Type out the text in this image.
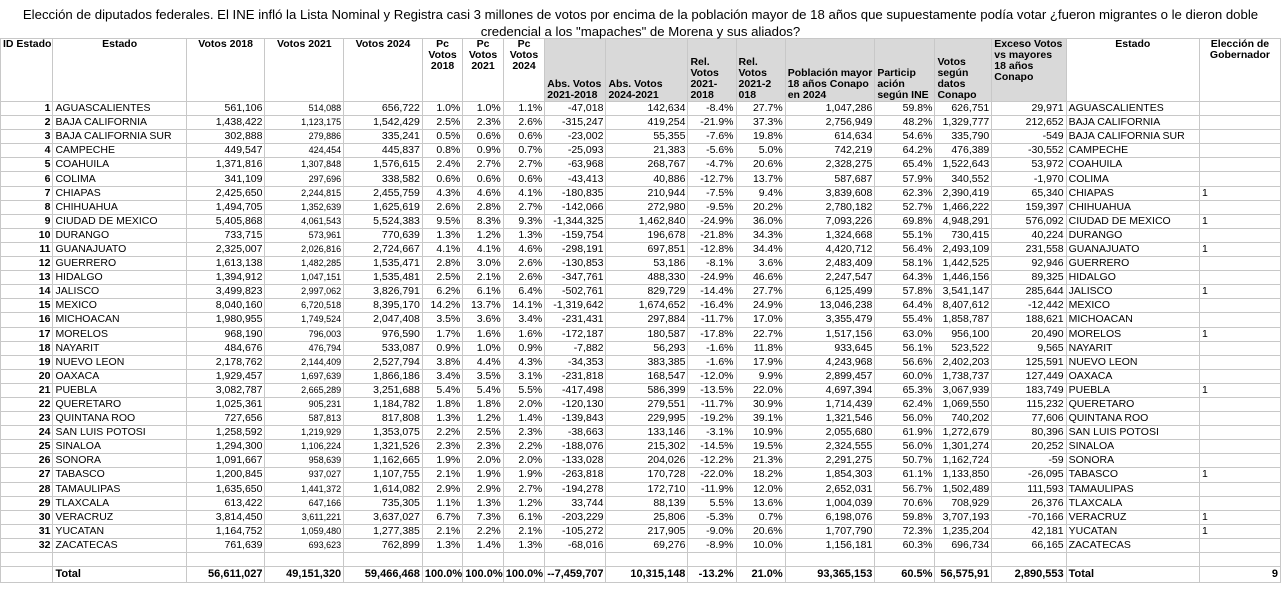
Elección de diputados federales. El INE infló la Lista Nominal y Registra casi 3 millones de votos por encima de la población mayor de 18 años que supuestamente podía votar ¿fueron migrantes o le dieron doble credencial a los "mapaches" de Morena y sus aliados?
ID Estado	Estado	Votos 2018	Votos 2021	Votos 2024	Pc Votos 2018	Pc Votos 2021	Pc Votos 2024	Abs. Votos 2021-2018	Abs. Votos 2024-2021	Rel. Votos 2021-2018	Rel. Votos 2021-2 018	Población mayor 18 años Conapo en 2024	Particip ación según INE	Votos según datos Conapo	Exceso Votos vs mayores 18 años Conapo	Estado	Elección de Gobernador
1	AGUASCALIENTES	561,106	514,088	656,722	1.0%	1.0%	1.1%	-47,018	142,634	-8.4%	27.7%	1,047,286	59.8%	626,751	29,971	AGUASCALIENTES	
2	BAJA CALIFORNIA	1,438,422	1,123,175	1,542,429	2.5%	2.3%	2.6%	-315,247	419,254	-21.9%	37.3%	2,756,949	48.2%	1,329,777	212,652	BAJA CALIFORNIA	
3	BAJA CALIFORNIA SUR	302,888	279,886	335,241	0.5%	0.6%	0.6%	-23,002	55,355	-7.6%	19.8%	614,634	54.6%	335,790	-549	BAJA CALIFORNIA SUR	
4	CAMPECHE	449,547	424,454	445,837	0.8%	0.9%	0.7%	-25,093	21,383	-5.6%	5.0%	742,219	64.2%	476,389	-30,552	CAMPECHE	
5	COAHUILA	1,371,816	1,307,848	1,576,615	2.4%	2.7%	2.7%	-63,968	268,767	-4.7%	20.6%	2,328,275	65.4%	1,522,643	53,972	COAHUILA	
6	COLIMA	341,109	297,696	338,582	0.6%	0.6%	0.6%	-43,413	40,886	-12.7%	13.7%	587,687	57.9%	340,552	-1,970	COLIMA	
7	CHIAPAS	2,425,650	2,244,815	2,455,759	4.3%	4.6%	4.1%	-180,835	210,944	-7.5%	9.4%	3,839,608	62.3%	2,390,419	65,340	CHIAPAS	1
8	CHIHUAHUA	1,494,705	1,352,639	1,625,619	2.6%	2.8%	2.7%	-142,066	272,980	-9.5%	20.2%	2,780,182	52.7%	1,466,222	159,397	CHIHUAHUA	
9	CIUDAD DE MEXICO	5,405,868	4,061,543	5,524,383	9.5%	8.3%	9.3%	-1,344,325	1,462,840	-24.9%	36.0%	7,093,226	69.8%	4,948,291	576,092	CIUDAD DE MEXICO	1
10	DURANGO	733,715	573,961	770,639	1.3%	1.2%	1.3%	-159,754	196,678	-21.8%	34.3%	1,324,668	55.1%	730,415	40,224	DURANGO	
11	GUANAJUATO	2,325,007	2,026,816	2,724,667	4.1%	4.1%	4.6%	-298,191	697,851	-12.8%	34.4%	4,420,712	56.4%	2,493,109	231,558	GUANAJUATO	1
12	GUERRERO	1,613,138	1,482,285	1,535,471	2.8%	3.0%	2.6%	-130,853	53,186	-8.1%	3.6%	2,483,409	58.1%	1,442,525	92,946	GUERRERO	
13	HIDALGO	1,394,912	1,047,151	1,535,481	2.5%	2.1%	2.6%	-347,761	488,330	-24.9%	46.6%	2,247,547	64.3%	1,446,156	89,325	HIDALGO	
14	JALISCO	3,499,823	2,997,062	3,826,791	6.2%	6.1%	6.4%	-502,761	829,729	-14.4%	27.7%	6,125,499	57.8%	3,541,147	285,644	JALISCO	1
15	MEXICO	8,040,160	6,720,518	8,395,170	14.2%	13.7%	14.1%	-1,319,642	1,674,652	-16.4%	24.9%	13,046,238	64.4%	8,407,612	-12,442	MEXICO	
16	MICHOACAN	1,980,955	1,749,524	2,047,408	3.5%	3.6%	3.4%	-231,431	297,884	-11.7%	17.0%	3,355,479	55.4%	1,858,787	188,621	MICHOACAN	
17	MORELOS	968,190	796,003	976,590	1.7%	1.6%	1.6%	-172,187	180,587	-17.8%	22.7%	1,517,156	63.0%	956,100	20,490	MORELOS	1
18	NAYARIT	484,676	476,794	533,087	0.9%	1.0%	0.9%	-7,882	56,293	-1.6%	11.8%	933,645	56.1%	523,522	9,565	NAYARIT	
19	NUEVO LEON	2,178,762	2,144,409	2,527,794	3.8%	4.4%	4.3%	-34,353	383,385	-1.6%	17.9%	4,243,968	56.6%	2,402,203	125,591	NUEVO LEON	
20	OAXACA	1,929,457	1,697,639	1,866,186	3.4%	3.5%	3.1%	-231,818	168,547	-12.0%	9.9%	2,899,457	60.0%	1,738,737	127,449	OAXACA	
21	PUEBLA	3,082,787	2,665,289	3,251,688	5.4%	5.4%	5.5%	-417,498	586,399	-13.5%	22.0%	4,697,394	65.3%	3,067,939	183,749	PUEBLA	1
22	QUERETARO	1,025,361	905,231	1,184,782	1.8%	1.8%	2.0%	-120,130	279,551	-11.7%	30.9%	1,714,439	62.4%	1,069,550	115,232	QUERETARO	
23	QUINTANA ROO	727,656	587,813	817,808	1.3%	1.2%	1.4%	-139,843	229,995	-19.2%	39.1%	1,321,546	56.0%	740,202	77,606	QUINTANA ROO	
24	SAN LUIS POTOSI	1,258,592	1,219,929	1,353,075	2.2%	2.5%	2.3%	-38,663	133,146	-3.1%	10.9%	2,055,680	61.9%	1,272,679	80,396	SAN LUIS POTOSI	
25	SINALOA	1,294,300	1,106,224	1,321,526	2.3%	2.3%	2.2%	-188,076	215,302	-14.5%	19.5%	2,324,555	56.0%	1,301,274	20,252	SINALOA	
26	SONORA	1,091,667	958,639	1,162,665	1.9%	2.0%	2.0%	-133,028	204,026	-12.2%	21.3%	2,291,275	50.7%	1,162,724	-59	SONORA	
27	TABASCO	1,200,845	937,027	1,107,755	2.1%	1.9%	1.9%	-263,818	170,728	-22.0%	18.2%	1,854,303	61.1%	1,133,850	-26,095	TABASCO	1
28	TAMAULIPAS	1,635,650	1,441,372	1,614,082	2.9%	2.9%	2.7%	-194,278	172,710	-11.9%	12.0%	2,652,031	56.7%	1,502,489	111,593	TAMAULIPAS	
29	TLAXCALA	613,422	647,166	735,305	1.1%	1.3%	1.2%	33,744	88,139	5.5%	13.6%	1,004,039	70.6%	708,929	26,376	TLAXCALA	
30	VERACRUZ	3,814,450	3,611,221	3,637,027	6.7%	7.3%	6.1%	-203,229	25,806	-5.3%	0.7%	6,198,076	59.8%	3,707,193	-70,166	VERACRUZ	1
31	YUCATAN	1,164,752	1,059,480	1,277,385	2.1%	2.2%	2.1%	-105,272	217,905	-9.0%	20.6%	1,707,790	72.3%	1,235,204	42,181	YUCATAN	1
32	ZACATECAS	761,639	693,623	762,899	1.3%	1.4%	1.3%	-68,016	69,276	-8.9%	10.0%	1,156,181	60.3%	696,734	66,165	ZACATECAS	

	Total	56,611,027	49,151,320	59,466,468	100.0%	100.0%	100.0%	--7,459,707	10,315,148	-13.2%	21.0%	93,365,153	60.5%	56,575,91	2,890,553	Total	9
